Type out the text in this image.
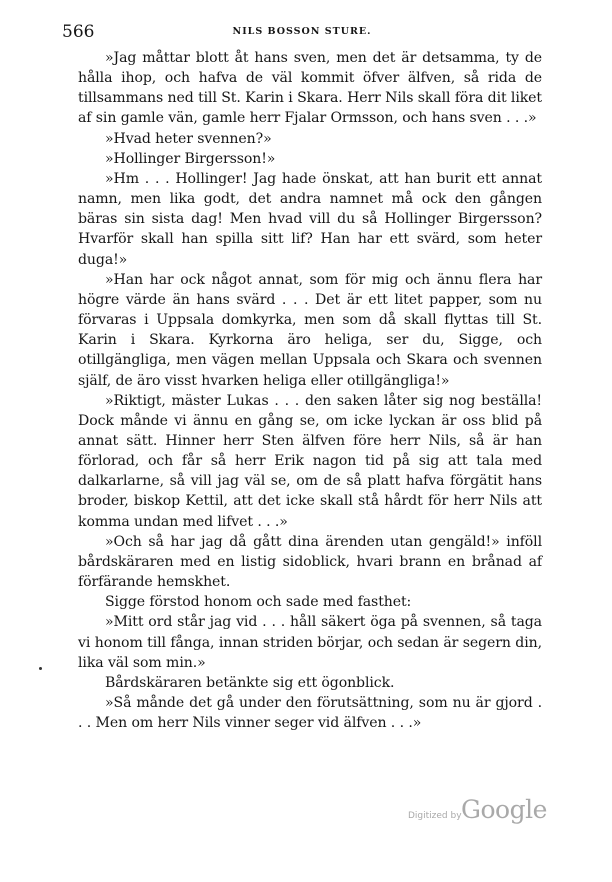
566	NILS BOSSON STURE.

»Jag måttar blott åt hans sven, men det är detsamma, ty de hålla ihop, och hafva de väl kommit öfver älfven, så rida de tillsammans ned till St. Karin i Skara. Herr Nils skall föra dit liket af sin gamle vän, gamle herr Fjalar Ormsson, och hans sven . . .»

»Hvad heter svennen?»

»Hollinger Birgersson!»

»Hm . . . Hollinger! Jag hade önskat, att han burit ett annat namn, men lika godt, det andra namnet må ock den gången bäras sin sista dag! Men hvad vill du så Hollinger Birgersson? Hvarför skall han spilla sitt lif? Han har ett svärd, som heter duga!»

»Han har ock något annat, som för mig och ännu flera har högre värde än hans svärd . . . Det är ett litet papper, som nu förvaras i Uppsala domkyrka, men som då skall flyttas till St. Karin i Skara. Kyrkorna äro heliga, ser du, Sigge, och otillgängliga, men vägen mellan Uppsala och Skara och svennen själf, de äro visst hvarken heliga eller otillgängliga!»

»Riktigt, mäster Lukas . . . den saken låter sig nog beställa! Dock månde vi ännu en gång se, om icke lyckan är oss blid på annat sätt. Hinner herr Sten älfven före herr Nils, så är han förlorad, och får så herr Erik nagon tid på sig att tala med dalkarlarne, så vill jag väl se, om de så platt hafva förgätit hans broder, biskop Kettil, att det icke skall stå hårdt för herr Nils att komma undan med lifvet . . .»

»Och så har jag då gått dina ärenden utan gengäld!» inföll bårdskäraren med en listig sidoblick, hvari brann en brånad af förfärande hemskhet.

Sigge förstod honom och sade med fasthet:

»Mitt ord står jag vid . . . håll säkert öga på svennen, så taga vi honom till fånga, innan striden börjar, och sedan är segern din, lika väl som min.»

Bårdskäraren betänkte sig ett ögonblick.

»Så månde det gå under den förutsättning, som nu är gjord . . . Men om herr Nils vinner seger vid älfven . . .»

Digitized by Google
